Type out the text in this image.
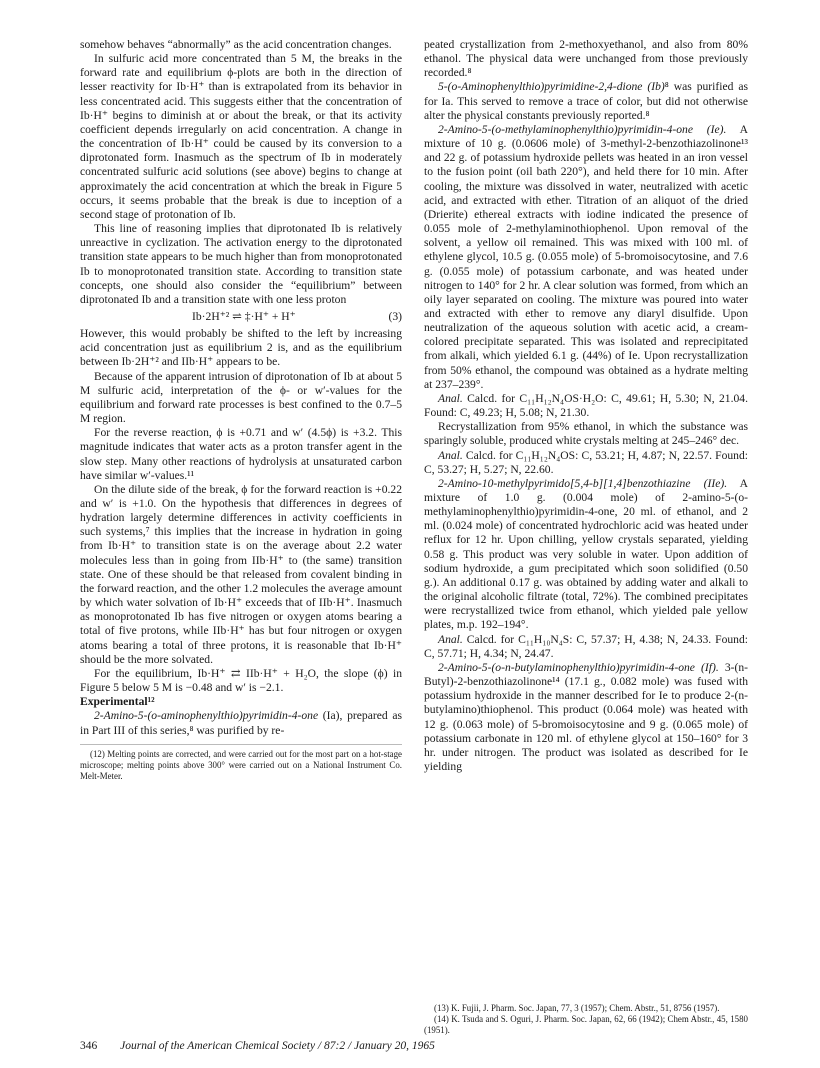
somehow behaves “abnormally” as the acid concentration changes.

In sulfuric acid more concentrated than 5 M, the breaks in the forward rate and equilibrium ϕ-plots are both in the direction of lesser reactivity for Ib·H⁺ than is extrapolated from its behavior in less concentrated acid. This suggests either that the concentration of Ib·H⁺ begins to diminish at or about the break, or that its activity coefficient depends irregularly on acid concentration. A change in the concentration of Ib·H⁺ could be caused by its conversion to a diprotonated form. Inasmuch as the spectrum of Ib in moderately concentrated sulfuric acid solutions (see above) begins to change at approximately the acid concentration at which the break in Figure 5 occurs, it seems probable that the break is due to inception of a second stage of protonation of Ib.

This line of reasoning implies that diprotonated Ib is relatively unreactive in cyclization. The activation energy to the diprotonated transition state appears to be much higher than from monoprotonated Ib to monoprotonated transition state. According to transition state concepts, one should also consider the “equilibrium” between diprotonated Ib and a transition state with one less proton

Ib·2H⁺² ⇌ ‡·H⁺ + H⁺	(3)

However, this would probably be shifted to the left by increasing acid concentration just as equilibrium 2 is, and as the equilibrium between Ib·2H⁺² and IIb·H⁺ appears to be.

Because of the apparent intrusion of diprotonation of Ib at about 5 M sulfuric acid, interpretation of the ϕ- or w′-values for the equilibrium and forward rate processes is best confined to the 0.7–5 M region.

For the reverse reaction, ϕ is +0.71 and w′ (4.5ϕ) is +3.2. This magnitude indicates that water acts as a proton transfer agent in the slow step. Many other reactions of hydrolysis at unsaturated carbon have similar w′-values.¹¹

On the dilute side of the break, ϕ for the forward reaction is +0.22 and w′ is +1.0. On the hypothesis that differences in degrees of hydration largely determine differences in activity coefficients in such systems,⁷ this implies that the increase in hydration in going from Ib·H⁺ to transition state is on the average about 2.2 water molecules less than in going from IIb·H⁺ to (the same) transition state. One of these should be that released from covalent binding in the forward reaction, and the other 1.2 molecules the average amount by which water solvation of Ib·H⁺ exceeds that of IIb·H⁺. Inasmuch as monoprotonated Ib has five nitrogen or oxygen atoms bearing a total of five protons, while IIb·H⁺ has but four nitrogen or oxygen atoms bearing a total of three protons, it is reasonable that Ib·H⁺ should be the more solvated.

For the equilibrium, Ib·H⁺ ⇄ IIb·H⁺ + H₂O, the slope (ϕ) in Figure 5 below 5 M is −0.48 and w′ is −2.1.

Experimental¹²

2-Amino-5-(o-aminophenylthio)pyrimidin-4-one (Ia), prepared as in Part III of this series,⁸ was purified by re-

(12) Melting points are corrected, and were carried out for the most part on a hot-stage microscope; melting points above 300° were carried out on a National Instrument Co. Melt-Meter.

peated crystallization from 2-methoxyethanol, and also from 80% ethanol. The physical data were unchanged from those previously recorded.⁸

5-(o-Aminophenylthio)pyrimidine-2,4-dione (Ib)⁸ was purified as for Ia. This served to remove a trace of color, but did not otherwise alter the physical constants previously reported.⁸

2-Amino-5-(o-methylaminophenylthio)pyrimidin-4-one (Ie). A mixture of 10 g. (0.0606 mole) of 3-methyl-2-benzothiazolinone¹³ and 22 g. of potassium hydroxide pellets was heated in an iron vessel to the fusion point (oil bath 220°), and held there for 10 min. After cooling, the mixture was dissolved in water, neutralized with acetic acid, and extracted with ether. Titration of an aliquot of the dried (Drierite) ethereal extracts with iodine indicated the presence of 0.055 mole of 2-methylaminothiophenol. Upon removal of the solvent, a yellow oil remained. This was mixed with 100 ml. of ethylene glycol, 10.5 g. (0.055 mole) of 5-bromoisocytosine, and 7.6 g. (0.055 mole) of potassium carbonate, and was heated under nitrogen to 140° for 2 hr. A clear solution was formed, from which an oily layer separated on cooling. The mixture was poured into water and extracted with ether to remove any diaryl disulfide. Upon neutralization of the aqueous solution with acetic acid, a cream-colored precipitate separated. This was isolated and reprecipitated from alkali, which yielded 6.1 g. (44%) of Ie. Upon recrystallization from 50% ethanol, the compound was obtained as a hydrate melting at 237–239°.

Anal. Calcd. for C₁₁H₁₂N₄OS·H₂O: C, 49.61; H, 5.30; N, 21.04. Found: C, 49.23; H, 5.08; N, 21.30.

Recrystallization from 95% ethanol, in which the substance was sparingly soluble, produced white crystals melting at 245–246° dec.

Anal. Calcd. for C₁₁H₁₂N₄OS: C, 53.21; H, 4.87; N, 22.57. Found: C, 53.27; H, 5.27; N, 22.60.

2-Amino-10-methylpyrimido[5,4-b][1,4]benzothiazine (IIe). A mixture of 1.0 g. (0.004 mole) of 2-amino-5-(o-methylaminophenylthio)pyrimidin-4-one, 20 ml. of ethanol, and 2 ml. (0.024 mole) of concentrated hydrochloric acid was heated under reflux for 12 hr. Upon chilling, yellow crystals separated, yielding 0.58 g. This product was very soluble in water. Upon addition of sodium hydroxide, a gum precipitated which soon solidified (0.50 g.). An additional 0.17 g. was obtained by adding water and alkali to the original alcoholic filtrate (total, 72%). The combined precipitates were recrystallized twice from ethanol, which yielded pale yellow plates, m.p. 192–194°.

Anal. Calcd. for C₁₁H₁₀N₄S: C, 57.37; H, 4.38; N, 24.33. Found: C, 57.71; H, 4.34; N, 24.47.

2-Amino-5-(o-n-butylaminophenylthio)pyrimidin-4-one (If). 3-(n-Butyl)-2-benzothiazolinone¹⁴ (17.1 g., 0.082 mole) was fused with potassium hydroxide in the manner described for Ie to produce 2-(n-butylamino)thiophenol. This product (0.064 mole) was heated with 12 g. (0.063 mole) of 5-bromoisocytosine and 9 g. (0.065 mole) of potassium carbonate in 120 ml. of ethylene glycol at 150–160° for 3 hr. under nitrogen. The product was isolated as described for Ie yielding

(13) K. Fujii, J. Pharm. Soc. Japan, 77, 3 (1957); Chem. Abstr., 51, 8756 (1957).

(14) K. Tsuda and S. Oguri, J. Pharm. Soc. Japan, 62, 66 (1942); Chem Abstr., 45, 1580 (1951).

346 Journal of the American Chemical Society / 87:2 / January 20, 1965
